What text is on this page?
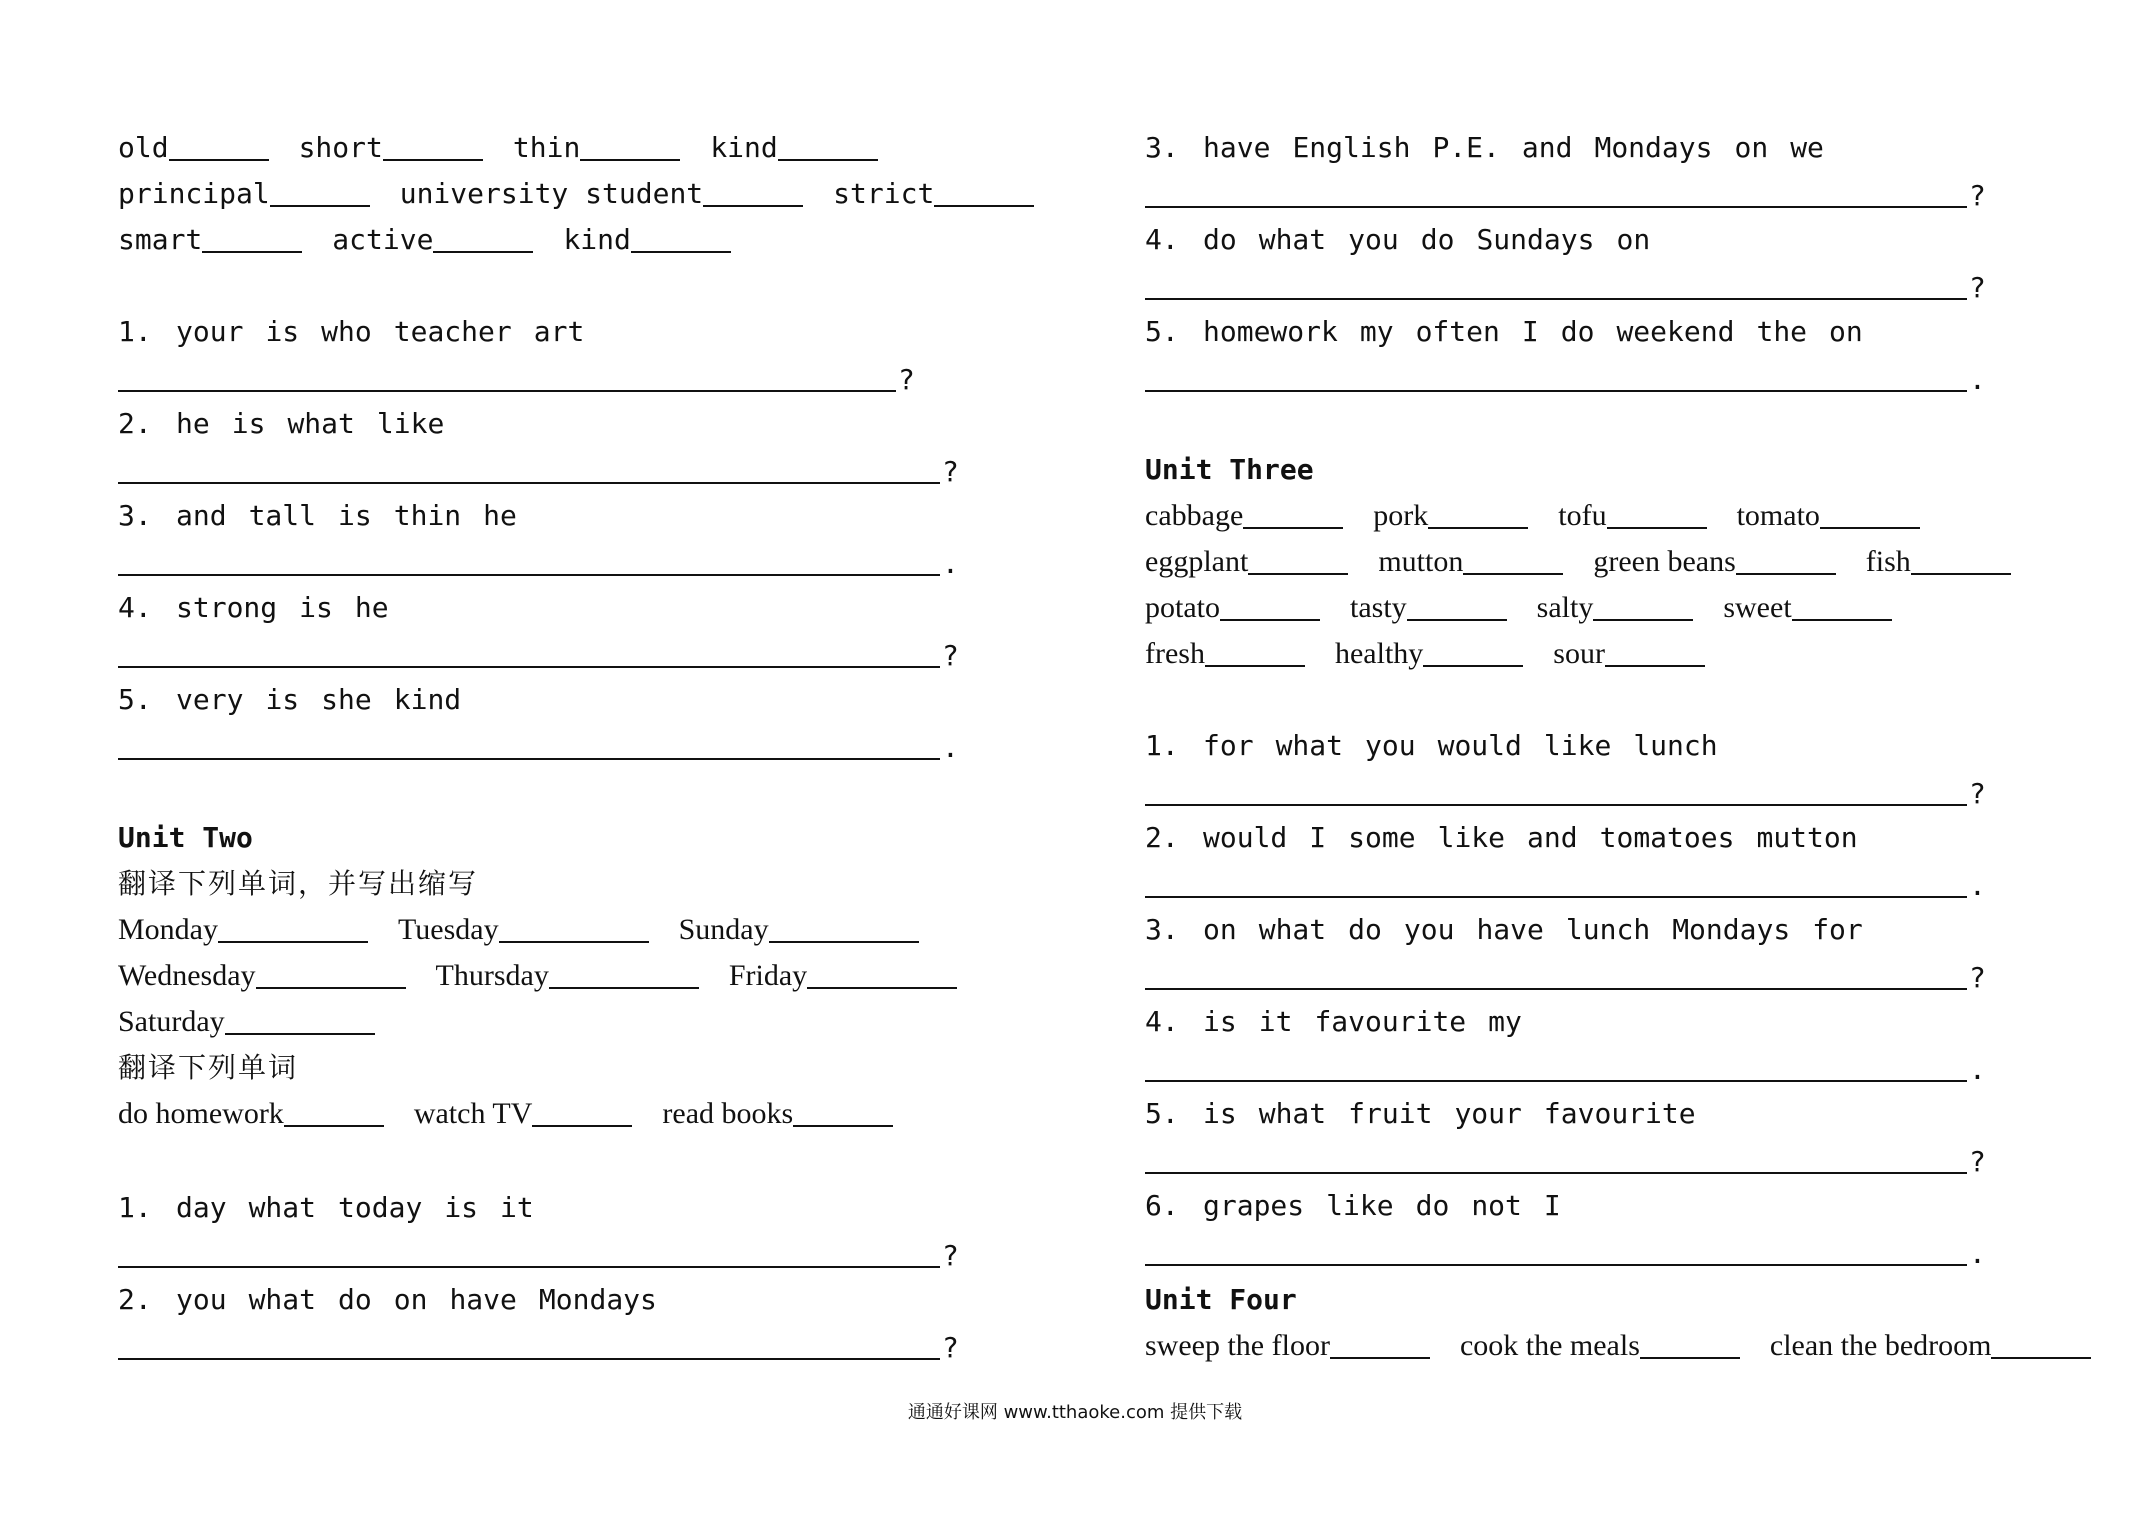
old	short	thin	kind
principal	university student	strict
smart	active	kind
1. your is who teacher art
?
2. he is what like
?
3. and tall is thin he
.
4. strong is he
?
5. very is she kind
.
Unit Two
翻译下列单词，并写出缩写
Monday	Tuesday	Sunday
Wednesday	Thursday	Friday
Saturday
翻译下列单词
do homework	watch TV	read books
1. day what today is it
?
2. you what do on have Mondays
?
3. have English P.E. and Mondays on we
?
4. do what you do Sundays on
?
5. homework my often I do weekend the on
.
Unit Three
cabbage	pork	tofu	tomato
eggplant	mutton	green beans	fish
potato	tasty	salty	sweet
fresh	healthy	sour
1. for what you would like lunch
?
2. would I some like and tomatoes mutton
.
3. on what do you have lunch Mondays for
?
4. is it favourite my
.
5. is what fruit your favourite
?
6. grapes like do not I
.
Unit Four
sweep the floor	cook the meals	clean the bedroom
通通好课网 www.tthaoke.com 提供下载
